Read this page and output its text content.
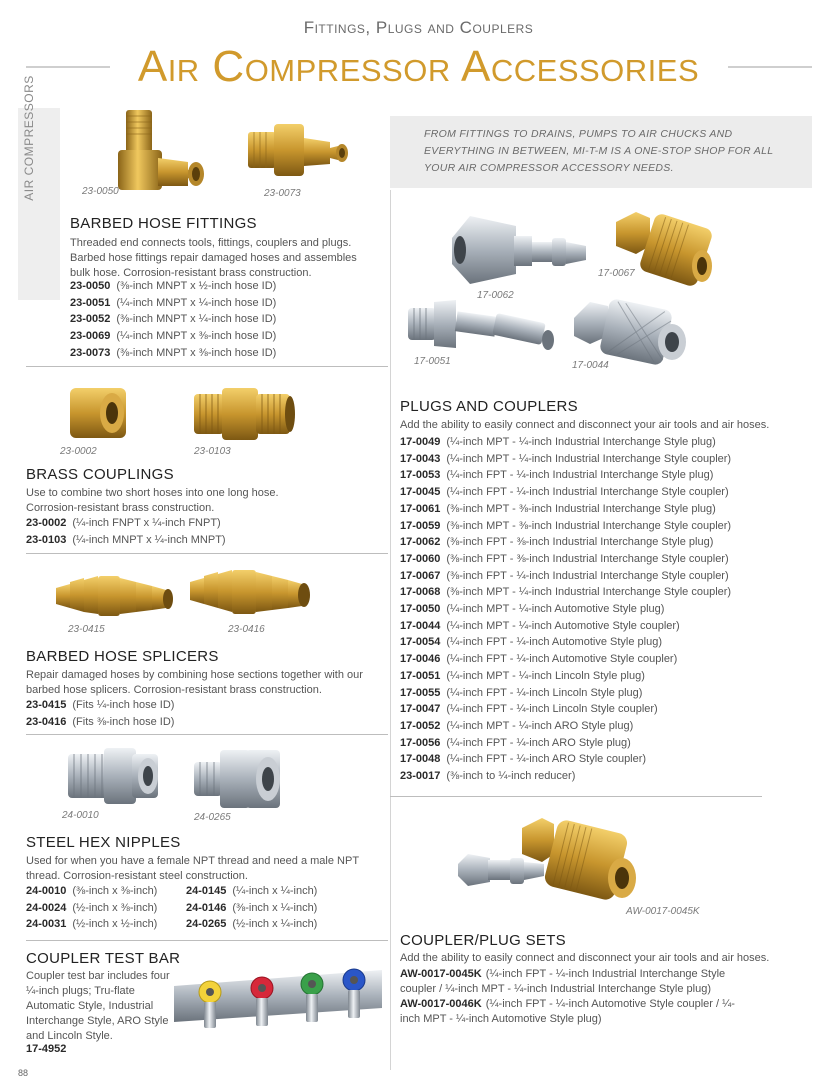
Fittings, Plugs and Couplers
Air Compressor Accessories
AIR COMPRESSORS	23-0050	23-0073
BARBED HOSE FITTINGS

Threaded end connects tools, fittings, couplers and plugs. Barbed hose fittings repair damaged hoses and assembles bulk hose. Corrosion-resistant brass construction.

23-0050 (⅜-inch MNPT x ½-inch hose ID)
23-0051 (¼-inch MNPT x ¼-inch hose ID)
23-0052 (⅜-inch MNPT x ¼-inch hose ID)
23-0069 (¼-inch MNPT x ⅜-inch hose ID)
23-0073 (⅜-inch MNPT x ⅜-inch hose ID)
23-0002	23-0103
BRASS COUPLINGS

Use to combine two short hoses into one long hose. Corrosion-resistant brass construction.

23-0002 (¼-inch FNPT x ¼-inch FNPT)
23-0103 (¼-inch MNPT x ¼-inch MNPT)
23-0415	23-0416
BARBED HOSE SPLICERS

Repair damaged hoses by combining hose sections together with our barbed hose splicers. Corrosion-resistant brass construction.

23-0415 (Fits ¼-inch hose ID)
23-0416 (Fits ⅜-inch hose ID)
24-0010	24-0265
STEEL HEX NIPPLES

Used for when you have a female NPT thread and need a male NPT thread. Corrosion-resistant steel construction.

24-0010 (⅜-inch x ⅜-inch)	24-0145 (¼-inch x ¼-inch)
24-0024 (½-inch x ⅜-inch)	24-0146 (⅜-inch x ¼-inch)
24-0031 (½-inch x ½-inch)	24-0265 (½-inch x ¼-inch)
COUPLER TEST BAR

Coupler test bar includes four ¼-inch plugs; Tru-flate Automatic Style, Industrial Interchange Style, ARO Style and Lincoln Style.

17-4952

FROM FITTINGS TO DRAINS, PUMPS TO AIR CHUCKS AND EVERYTHING IN BETWEEN, MI-T-M IS A ONE-STOP SHOP FOR ALL YOUR AIR COMPRESSOR ACCESSORY NEEDS.

17-0062
17-0067
17-0051	17-0044
PLUGS AND COUPLERS

Add the ability to easily connect and disconnect your air tools and air hoses.

17-0049 (¼-inch MPT - ¼-inch Industrial Interchange Style plug)
17-0043 (¼-inch MPT - ¼-inch Industrial Interchange Style coupler)
17-0053 (¼-inch FPT - ¼-inch Industrial Interchange Style plug)
17-0045 (¼-inch FPT - ¼-inch Industrial Interchange Style coupler)
17-0061 (⅜-inch MPT - ⅜-inch Industrial Interchange Style plug)
17-0059 (⅜-inch MPT - ⅜-inch Industrial Interchange Style coupler)
17-0062 (⅜-inch FPT - ⅜-inch Industrial Interchange Style plug)
17-0060 (⅜-inch FPT - ⅜-inch Industrial Interchange Style coupler)
17-0067 (⅜-inch FPT - ¼-inch Industrial Interchange Style coupler)
17-0068 (⅜-inch MPT - ¼-inch Industrial Interchange Style coupler)
17-0050 (¼-inch MPT - ¼-inch Automotive Style plug)
17-0044 (¼-inch MPT - ¼-inch Automotive Style coupler)
17-0054 (¼-inch FPT - ¼-inch Automotive Style plug)
17-0046 (¼-inch FPT - ¼-inch Automotive Style coupler)
17-0051 (¼-inch MPT - ¼-inch Lincoln Style plug)
17-0055 (¼-inch FPT - ¼-inch Lincoln Style plug)
17-0047 (¼-inch FPT - ¼-inch Lincoln Style coupler)
17-0052 (¼-inch MPT - ¼-inch ARO Style plug)
17-0056 (¼-inch FPT - ¼-inch ARO Style plug)
17-0048 (¼-inch FPT - ¼-inch ARO Style coupler)
23-0017 (⅜-inch to ¼-inch reducer)
AW-0017-0045K
COUPLER/PLUG SETS

Add the ability to easily connect and disconnect your air tools and air hoses.

AW-0017-0045K (¼-inch FPT - ¼-inch Industrial Interchange Style coupler / ¼-inch MPT - ¼-inch Industrial Interchange Style plug)
AW-0017-0046K (¼-inch FPT - ¼-inch Automotive Style coupler / ¼-inch MPT - ¼-inch Automotive Style plug)
88
